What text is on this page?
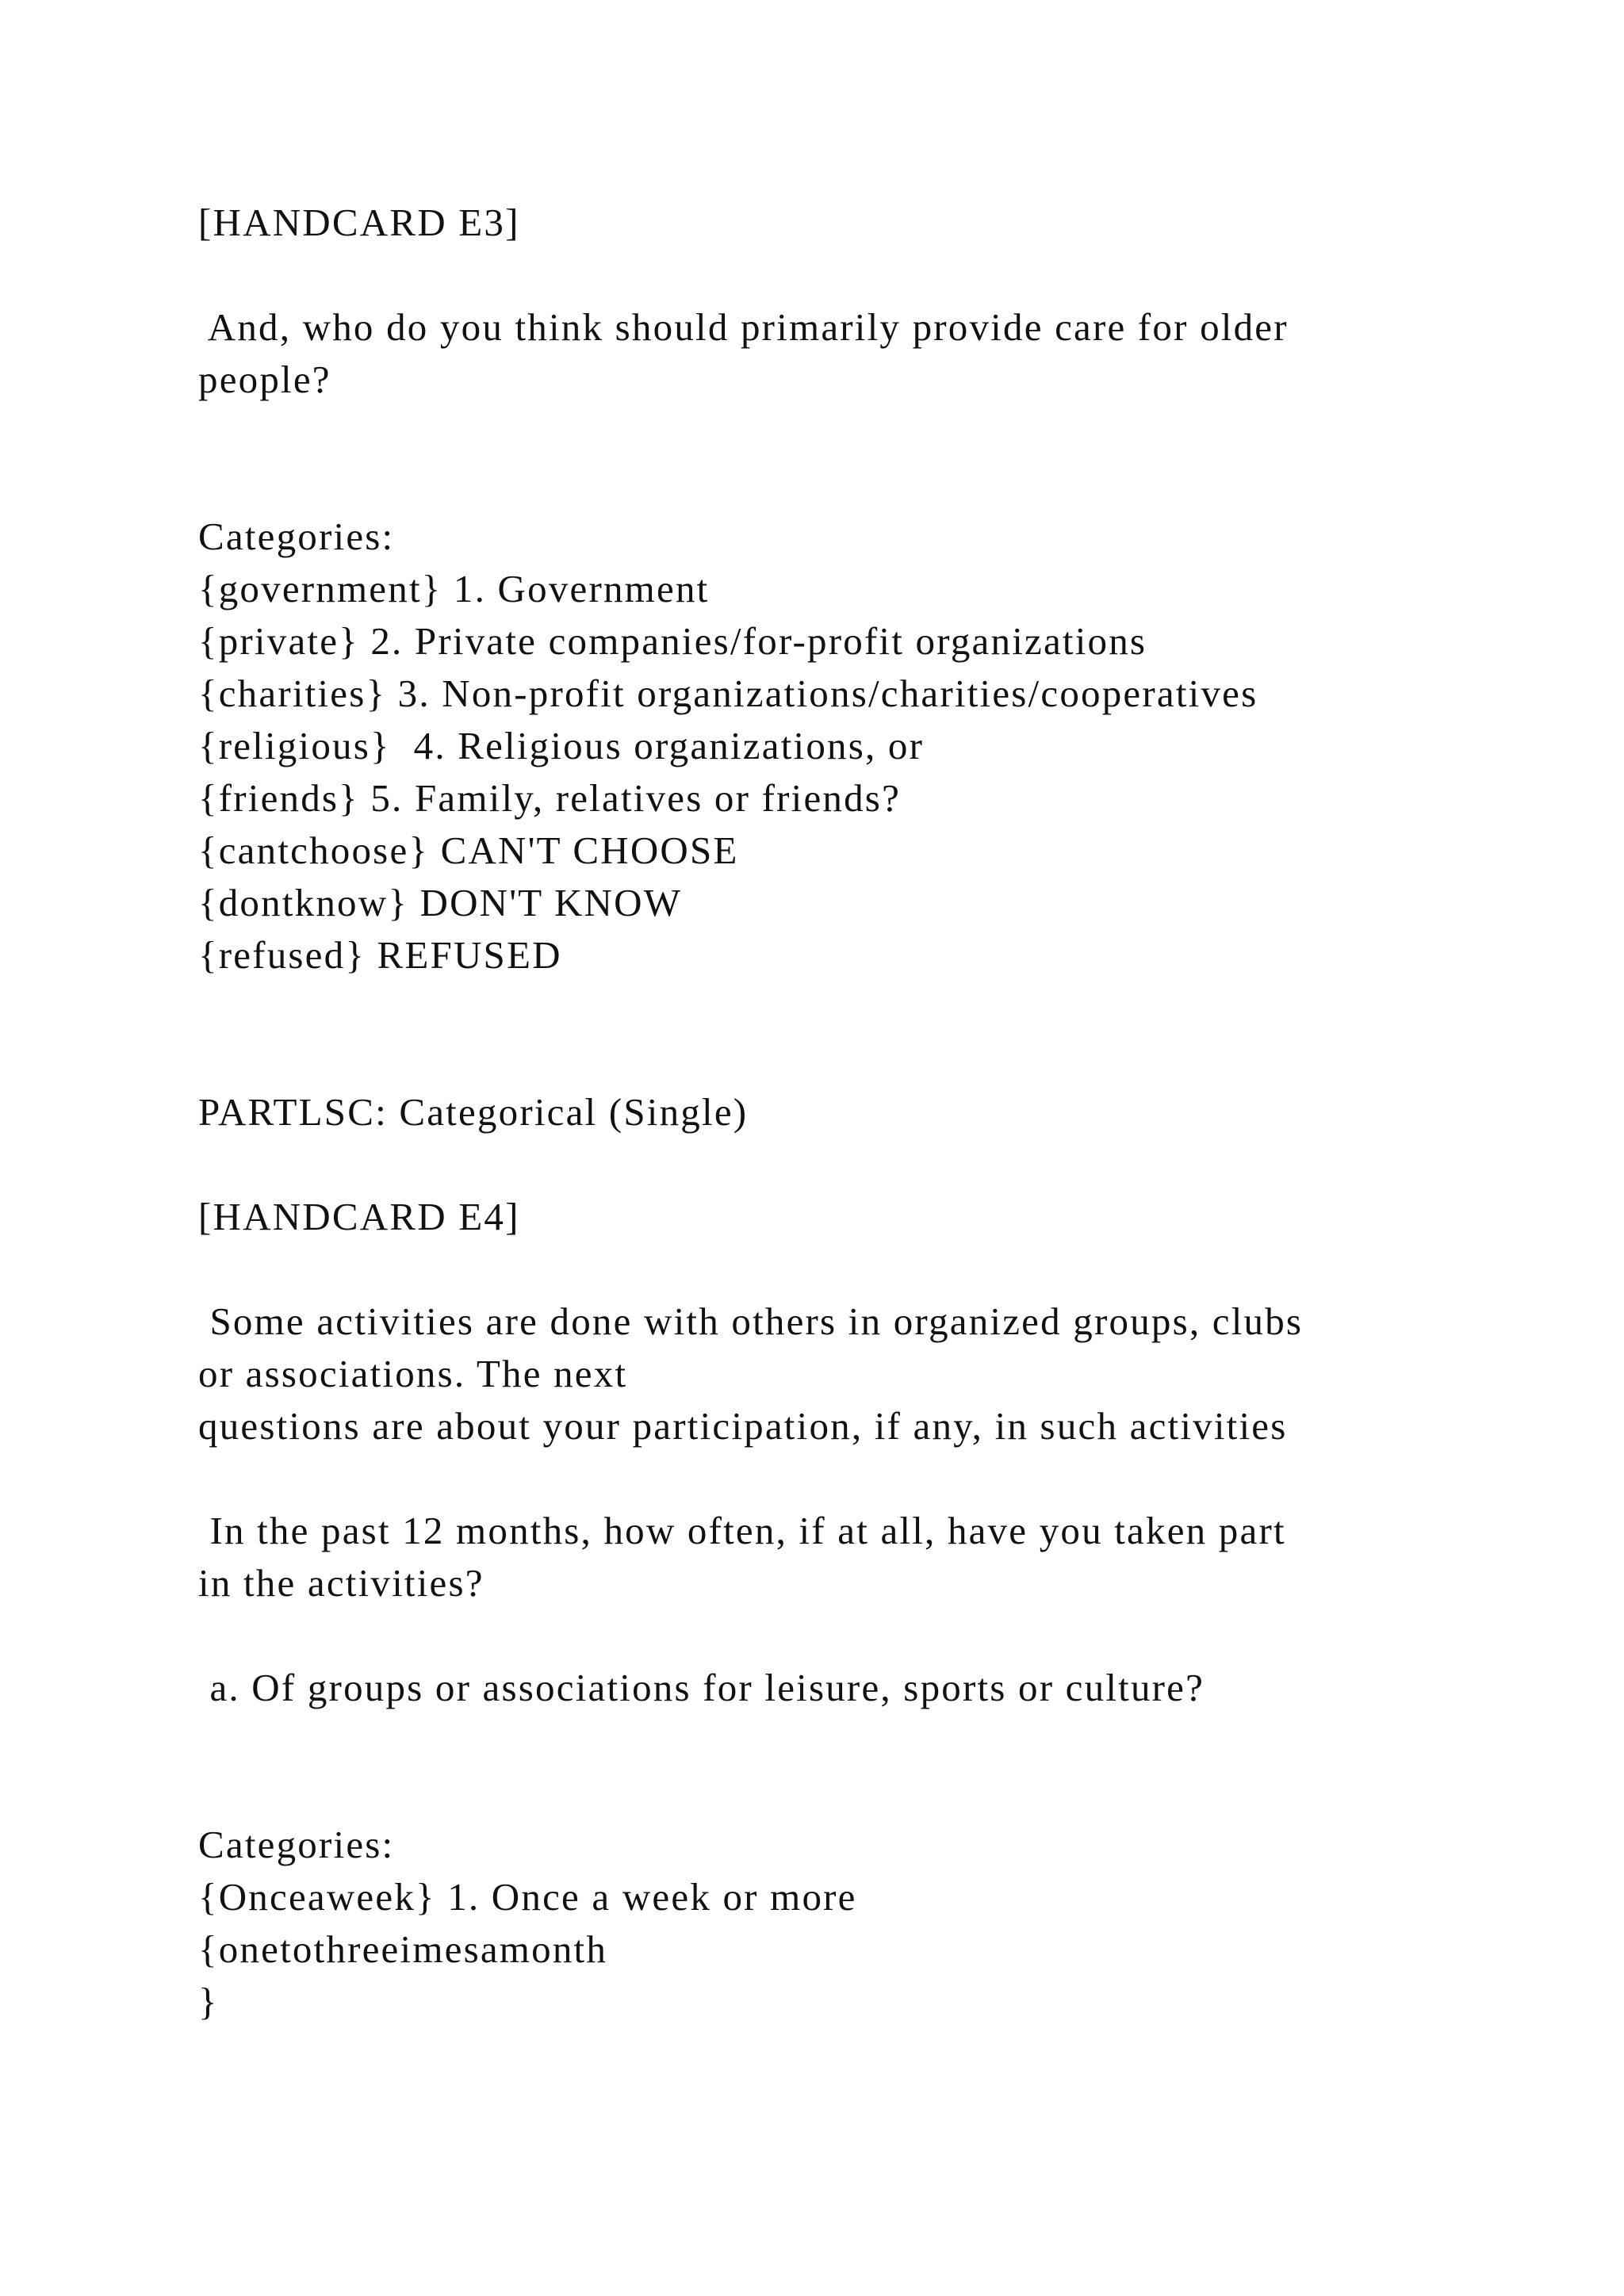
[HANDCARD E3]
And, who do you think should primarily provide care for older
people?
Categories:
{government} 1. Government
{private} 2. Private companies/for-profit organizations
{charities} 3. Non-profit organizations/charities/cooperatives
{religious}  4. Religious organizations, or
{friends} 5. Family, relatives or friends?
{cantchoose} CAN'T CHOOSE
{dontknow} DON'T KNOW
{refused} REFUSED
PARTLSC: Categorical (Single)
[HANDCARD E4]
Some activities are done with others in organized groups, clubs
or associations. The next
questions are about your participation, if any, in such activities
In the past 12 months, how often, if at all, have you taken part
in the activities?
a. Of groups or associations for leisure, sports or culture?
Categories:
{Onceaweek} 1. Once a week or more
{onetothreeimesamonth
}
